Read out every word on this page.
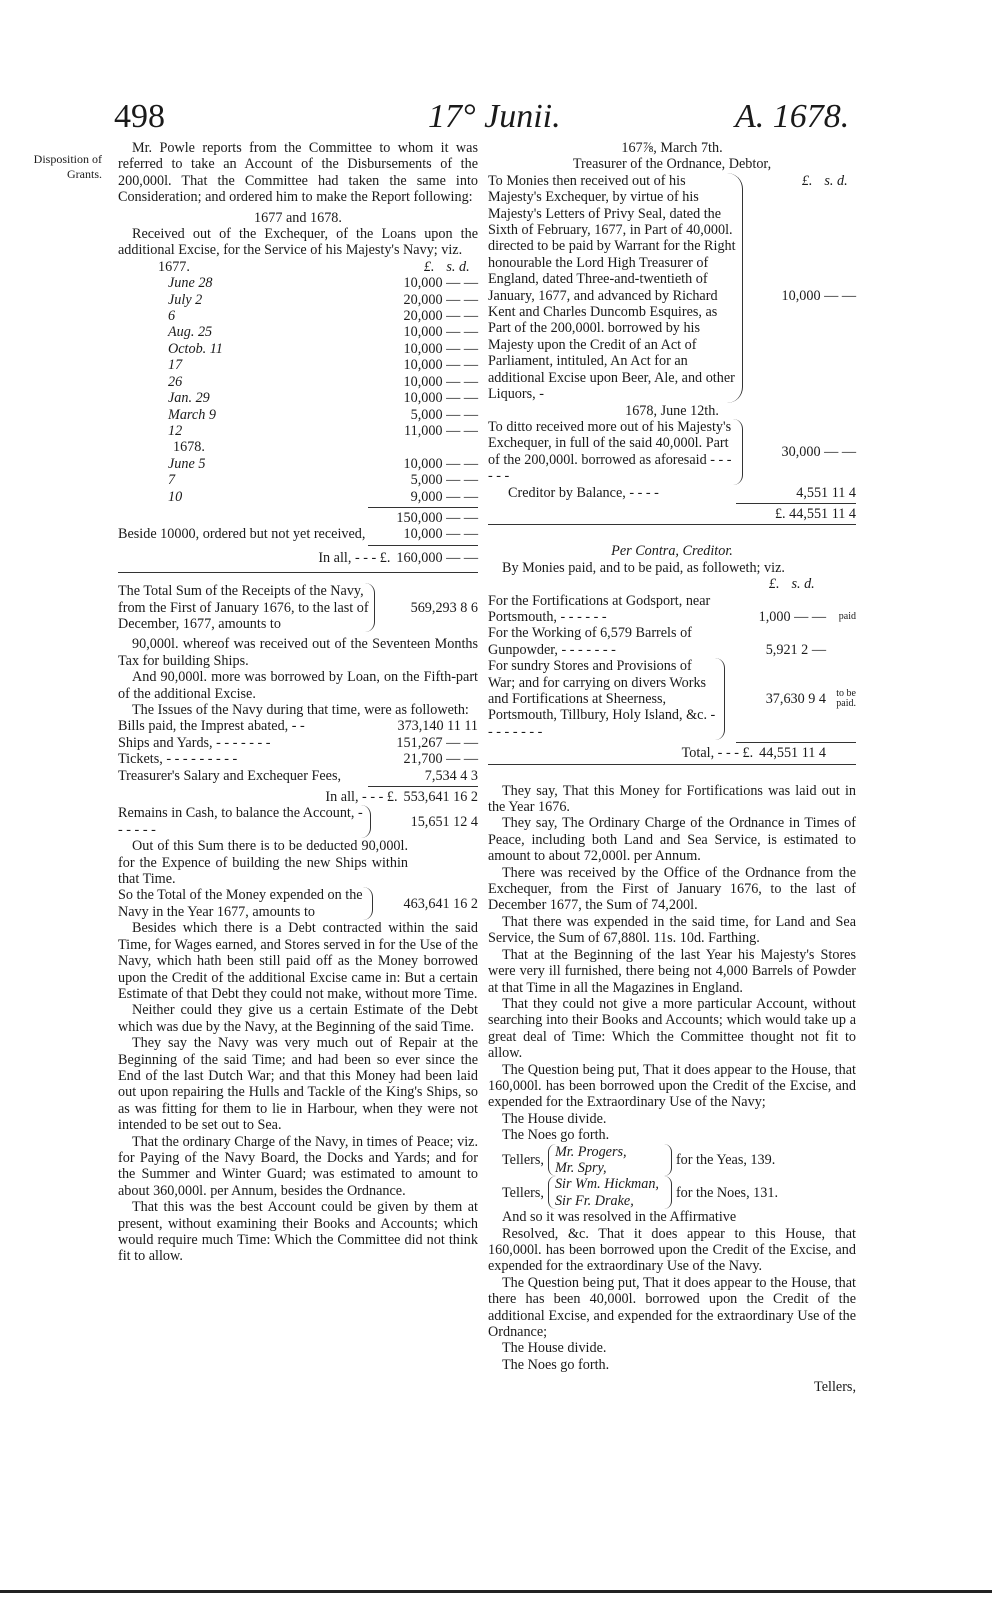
498	17° Junii.	A. 1678.
Disposition of Grants.

Mr. Powle reports from the Committee to whom it was referred to take an Account of the Disbursements of the 200,000l. That the Committee had taken the same into Consideration; and ordered him to make the Report following:

1677 and 1678.

Received out of the Exchequer, of the Loans upon the additional Excise, for the Service of his Majesty's Navy; viz.

1677.	£. s. d.
June 28	10,000 — —
July 2	20,000 — —
6	20,000 — —
Aug. 25	10,000 — —
Octob. 11	10,000 — —
17	10,000 — —
26	10,000 — —
Jan. 29	10,000 — —
March 9	5,000 — —
12	11,000 — —
1678.
June 5	10,000 — —
7	5,000 — —
10	9,000 — —
150,000 — —
Beside 10000, ordered but not yet received,	10,000 — —
In all, - - - £. 160,000 — —
The Total Sum of the Receipts of the Navy, from the First of January 1676, to the last of December, 1677, amounts to
569,293 8 6

90,000l. whereof was received out of the Seventeen Months Tax for building Ships.

And 90,000l. more was borrowed by Loan, on the Fifth-part of the additional Excise.

The Issues of the Navy during that time, were as followeth:

Bills paid, the Imprest abated, - -	373,140 11 11
Ships and Yards, - - - - - - -	151,267 — —
Tickets, - - - - - - - - -	21,700 — —
Treasurer's Salary and Exchequer Fees,	7,534 4 3
In all, - - - £. 553,641 16 2
Remains in Cash, to balance the Account, - - - - - -
15,651 12 4

Out of this Sum there is to be deducted 90,000l. for the Expence of building the new Ships within that Time.

So the Total of the Money expended on the Navy in the Year 1677, amounts to
463,641 16 2

Besides which there is a Debt contracted within the said Time, for Wages earned, and Stores served in for the Use of the Navy, which hath been still paid off as the Money borrowed upon the Credit of the additional Excise came in: But a certain Estimate of that Debt they could not make, without more Time.

Neither could they give us a certain Estimate of the Debt which was due by the Navy, at the Beginning of the said Time.

They say the Navy was very much out of Repair at the Beginning of the said Time; and had been so ever since the End of the last Dutch War; and that this Money had been laid out upon repairing the Hulls and Tackle of the King's Ships, so as was fitting for them to lie in Harbour, when they were not intended to be set out to Sea.

That the ordinary Charge of the Navy, in times of Peace; viz. for Paying of the Navy Board, the Docks and Yards; and for the Summer and Winter Guard; was estimated to amount to about 360,000l. per Annum, besides the Ordnance.

That this was the best Account could be given by them at present, without examining their Books and Accounts; which would require much Time: Which the Committee did not think fit to allow.

167⅞, March 7th.

Treasurer of the Ordnance, Debtor,

To Monies then received out of his Majesty's Exchequer, by virtue of his Majesty's Letters of Privy Seal, dated the Sixth of February, 1677, in Part of 40,000l. directed to be paid by Warrant for the Right honourable the Lord High Treasurer of England, dated Three-and-twentieth of January, 1677, and advanced by Richard Kent and Charles Duncomb Esquires, as Part of the 200,000l. borrowed by his Majesty upon the Credit of an Act of Parliament, intituled, An Act for an additional Excise upon Beer, Ale, and other Liquors, -
£. s. d.
10,000 — —

1678, June 12th.

To ditto received more out of his Majesty's Exchequer, in full of the said 40,000l. Part of the 200,000l. borrowed as aforesaid - - - - - -
30,000 — —
Creditor by Balance, - - - -	4,551 11 4
£. 44,551 11 4

Per Contra, Creditor.

By Monies paid, and to be paid, as followeth; viz.

£. s. d.
For the Fortifications at Godsport, near Portsmouth, - - - - - -	1,000 — —	paid
For the Working of 6,579 Barrels of Gunpowder, - - - - - - -	5,921 2 —
For sundry Stores and Provisions of War; and for carrying on divers Works and Fortifications at Sheerness, Portsmouth, Tillbury, Holy Island, &c. - - - - - - - -
37,630 9 4	to be paid.
Total, - - - £. 44,551 11 4

They say, That this Money for Fortifications was laid out in the Year 1676.

They say, The Ordinary Charge of the Ordnance in Times of Peace, including both Land and Sea Service, is estimated to amount to about 72,000l. per Annum.

There was received by the Office of the Ordnance from the Exchequer, from the First of January 1676, to the last of December 1677, the Sum of 74,200l.

That there was expended in the said time, for Land and Sea Service, the Sum of 67,880l. 11s. 10d. Farthing.

That at the Beginning of the last Year his Majesty's Stores were very ill furnished, there being not 4,000 Barrels of Powder at that Time in all the Magazines in England.

That they could not give a more particular Account, without searching into their Books and Accounts; which would take up a great deal of Time: Which the Committee thought not fit to allow.

The Question being put, That it does appear to the House, that 160,000l. has been borrowed upon the Credit of the Excise, and expended for the Extraordinary Use of the Navy;

The House divide.

The Noes go forth.

Tellers,
Mr. Progers,
Mr. Spry,
for the Yeas, 139.
Tellers,
Sir Wm. Hickman,
Sir Fr. Drake,
for the Noes, 131.

And so it was resolved in the Affirmative

Resolved, &c. That it does appear to this House, that 160,000l. has been borrowed upon the Credit of the Excise, and expended for the extraordinary Use of the Navy.

The Question being put, That it does appear to the House, that there has been 40,000l. borrowed upon the Credit of the additional Excise, and expended for the extraordinary Use of the Ordnance;

The House divide.

The Noes go forth.

Tellers,
